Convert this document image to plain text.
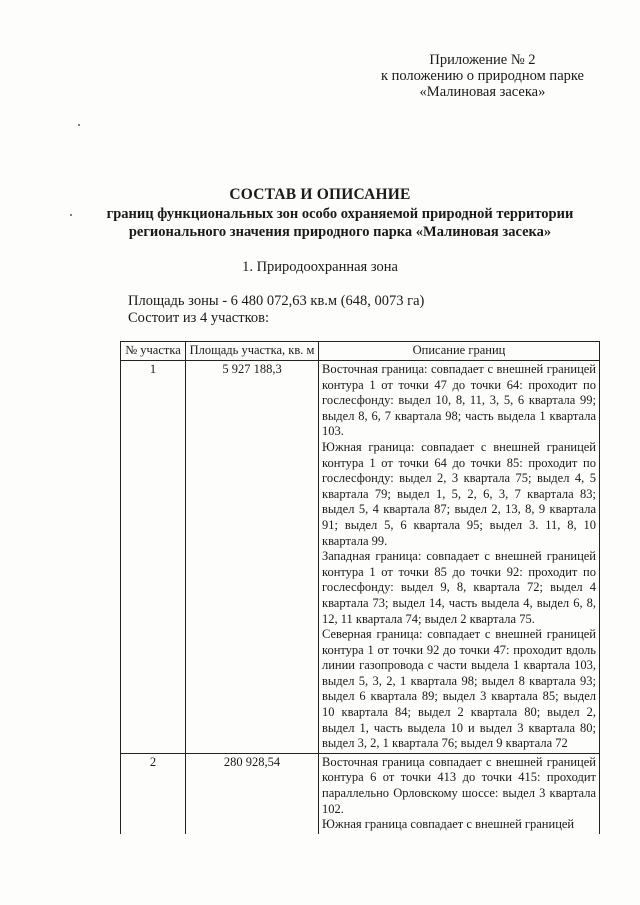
Приложение № 2
к положению о природном парке
«Малиновая засека»
СОСТАВ И ОПИСАНИЕ
границ функциональных зон особо охраняемой природной территории
регионального значения природного парка «Малиновая засека»
1. Природоохранная зона
Площадь зоны - 6 480 072,63 кв.м (648, 0073 га)
Состоит из 4 участков:
№ участка	Площадь участка, кв. м	Описание границ
1	5 927 188,3	Восточная граница: совпадает с внешней границей контура 1 от точки 47 до точки 64: проходит по гослесфонду: выдел 10, 8, 11, 3, 5, 6 квартала 99; выдел 8, 6, 7 квартала 98; часть выдела 1 квартала 103.

Южная граница: совпадает с внешней границей контура 1 от точки 64 до точки 85: проходит по гослесфонду: выдел 2, 3 квартала 75; выдел 4, 5 квартала 79; выдел 1, 5, 2, 6, 3, 7 квартала 83; выдел 5, 4 квартала 87; выдел 2, 13, 8, 9 квартала 91; выдел 5, 6 квартала 95; выдел 3. 11, 8, 10 квартала 99.

Западная граница: совпадает с внешней границей контура 1 от точки 85 до точки 92: проходит по гослесфонду: выдел 9, 8, квартала 72; выдел 4 квартала 73; выдел 14, часть выдела 4, выдел 6, 8, 12, 11 квартала 74; выдел 2 квартала 75.

Северная граница: совпадает с внешней границей контура 1 от точки 92 до точки 47: проходит вдоль линии газопровода с части выдела 1 квартала 103, выдел 5, 3, 2, 1 квартала 98; выдел 8 квартала 93; выдел 6 квартала 89; выдел 3 квартала 85; выдел 10 квартала 84; выдел 2 квартала 80; выдел 2, выдел 1, часть выдела 10 и выдел 3 квартала 80; выдел 3, 2, 1 квартала 76; выдел 9 квартала 72

2	280 928,54	Восточная граница совпадает с внешней границей контура 6 от точки 413 до точки 415: проходит параллельно Орловскому шоссе: выдел 3 квартала 102.

Южная граница совпадает с внешней границей
